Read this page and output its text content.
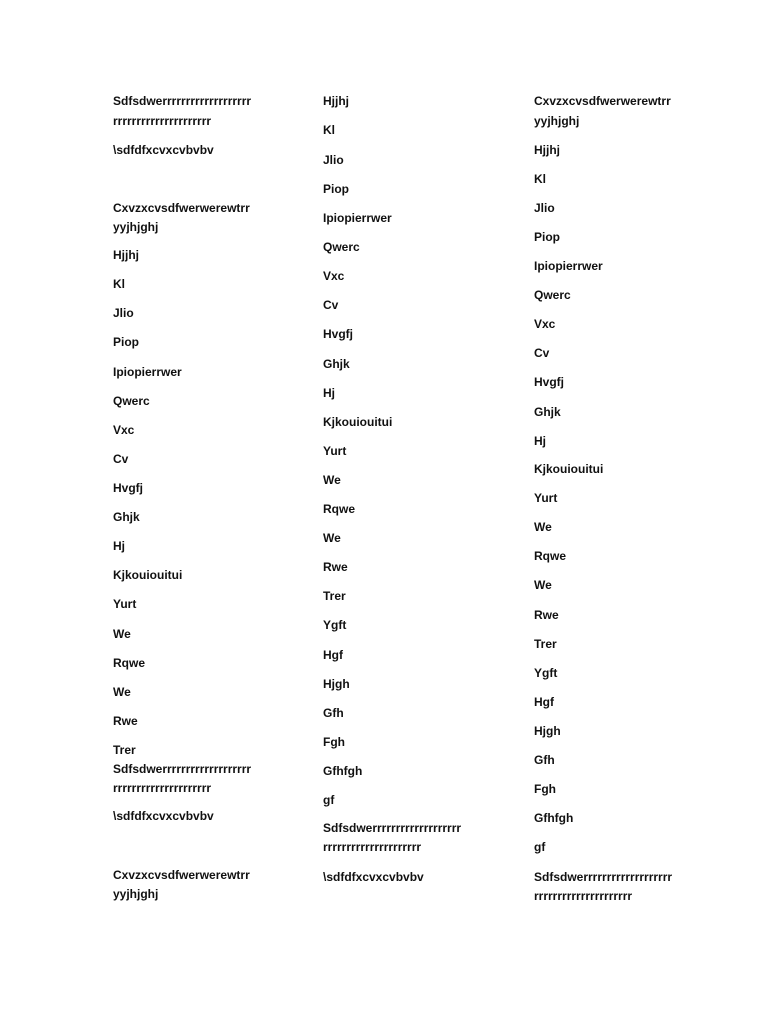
Sdfsdwerrrrrrrrrrrrrrrrrrr
rrrrrrrrrrrrrrrrrrrrr
\sdfdfxcvxcvbvbv
Cxvzxcvsdfwerwerewtrr
yyjhjghj
Hjjhj
Kl
Jlio
Piop
Ipiopierrwer
Qwerc
Vxc
Cv
Hvgfj
Ghjk
Hj
Kjkouiouitui
Yurt
We
Rqwe
We
Rwe
Trer
Sdfsdwerrrrrrrrrrrrrrrrrrr
rrrrrrrrrrrrrrrrrrrrr
\sdfdfxcvxcvbvbv
Cxvzxcvsdfwerwerewtrr
yyjhjghj
Hjjhj
Kl
Jlio
Piop
Ipiopierrwer
Qwerc
Vxc
Cv
Hvgfj
Ghjk
Hj
Kjkouiouitui
Yurt
We
Rqwe
We
Rwe
Trer
Ygft
Hgf
Hjgh
Gfh
Fgh
Gfhfgh
gf
Sdfsdwerrrrrrrrrrrrrrrrrrr
rrrrrrrrrrrrrrrrrrrrr
\sdfdfxcvxcvbvbv
Cxvzxcvsdfwerwerewtrr
yyjhjghj
Hjjhj
Kl
Jlio
Piop
Ipiopierrwer
Qwerc
Vxc
Cv
Hvgfj
Ghjk
Hj
Kjkouiouitui
Yurt
We
Rqwe
We
Rwe
Trer
Ygft
Hgf
Hjgh
Gfh
Fgh
Gfhfgh
gf
Sdfsdwerrrrrrrrrrrrrrrrrrr
rrrrrrrrrrrrrrrrrrrrr
